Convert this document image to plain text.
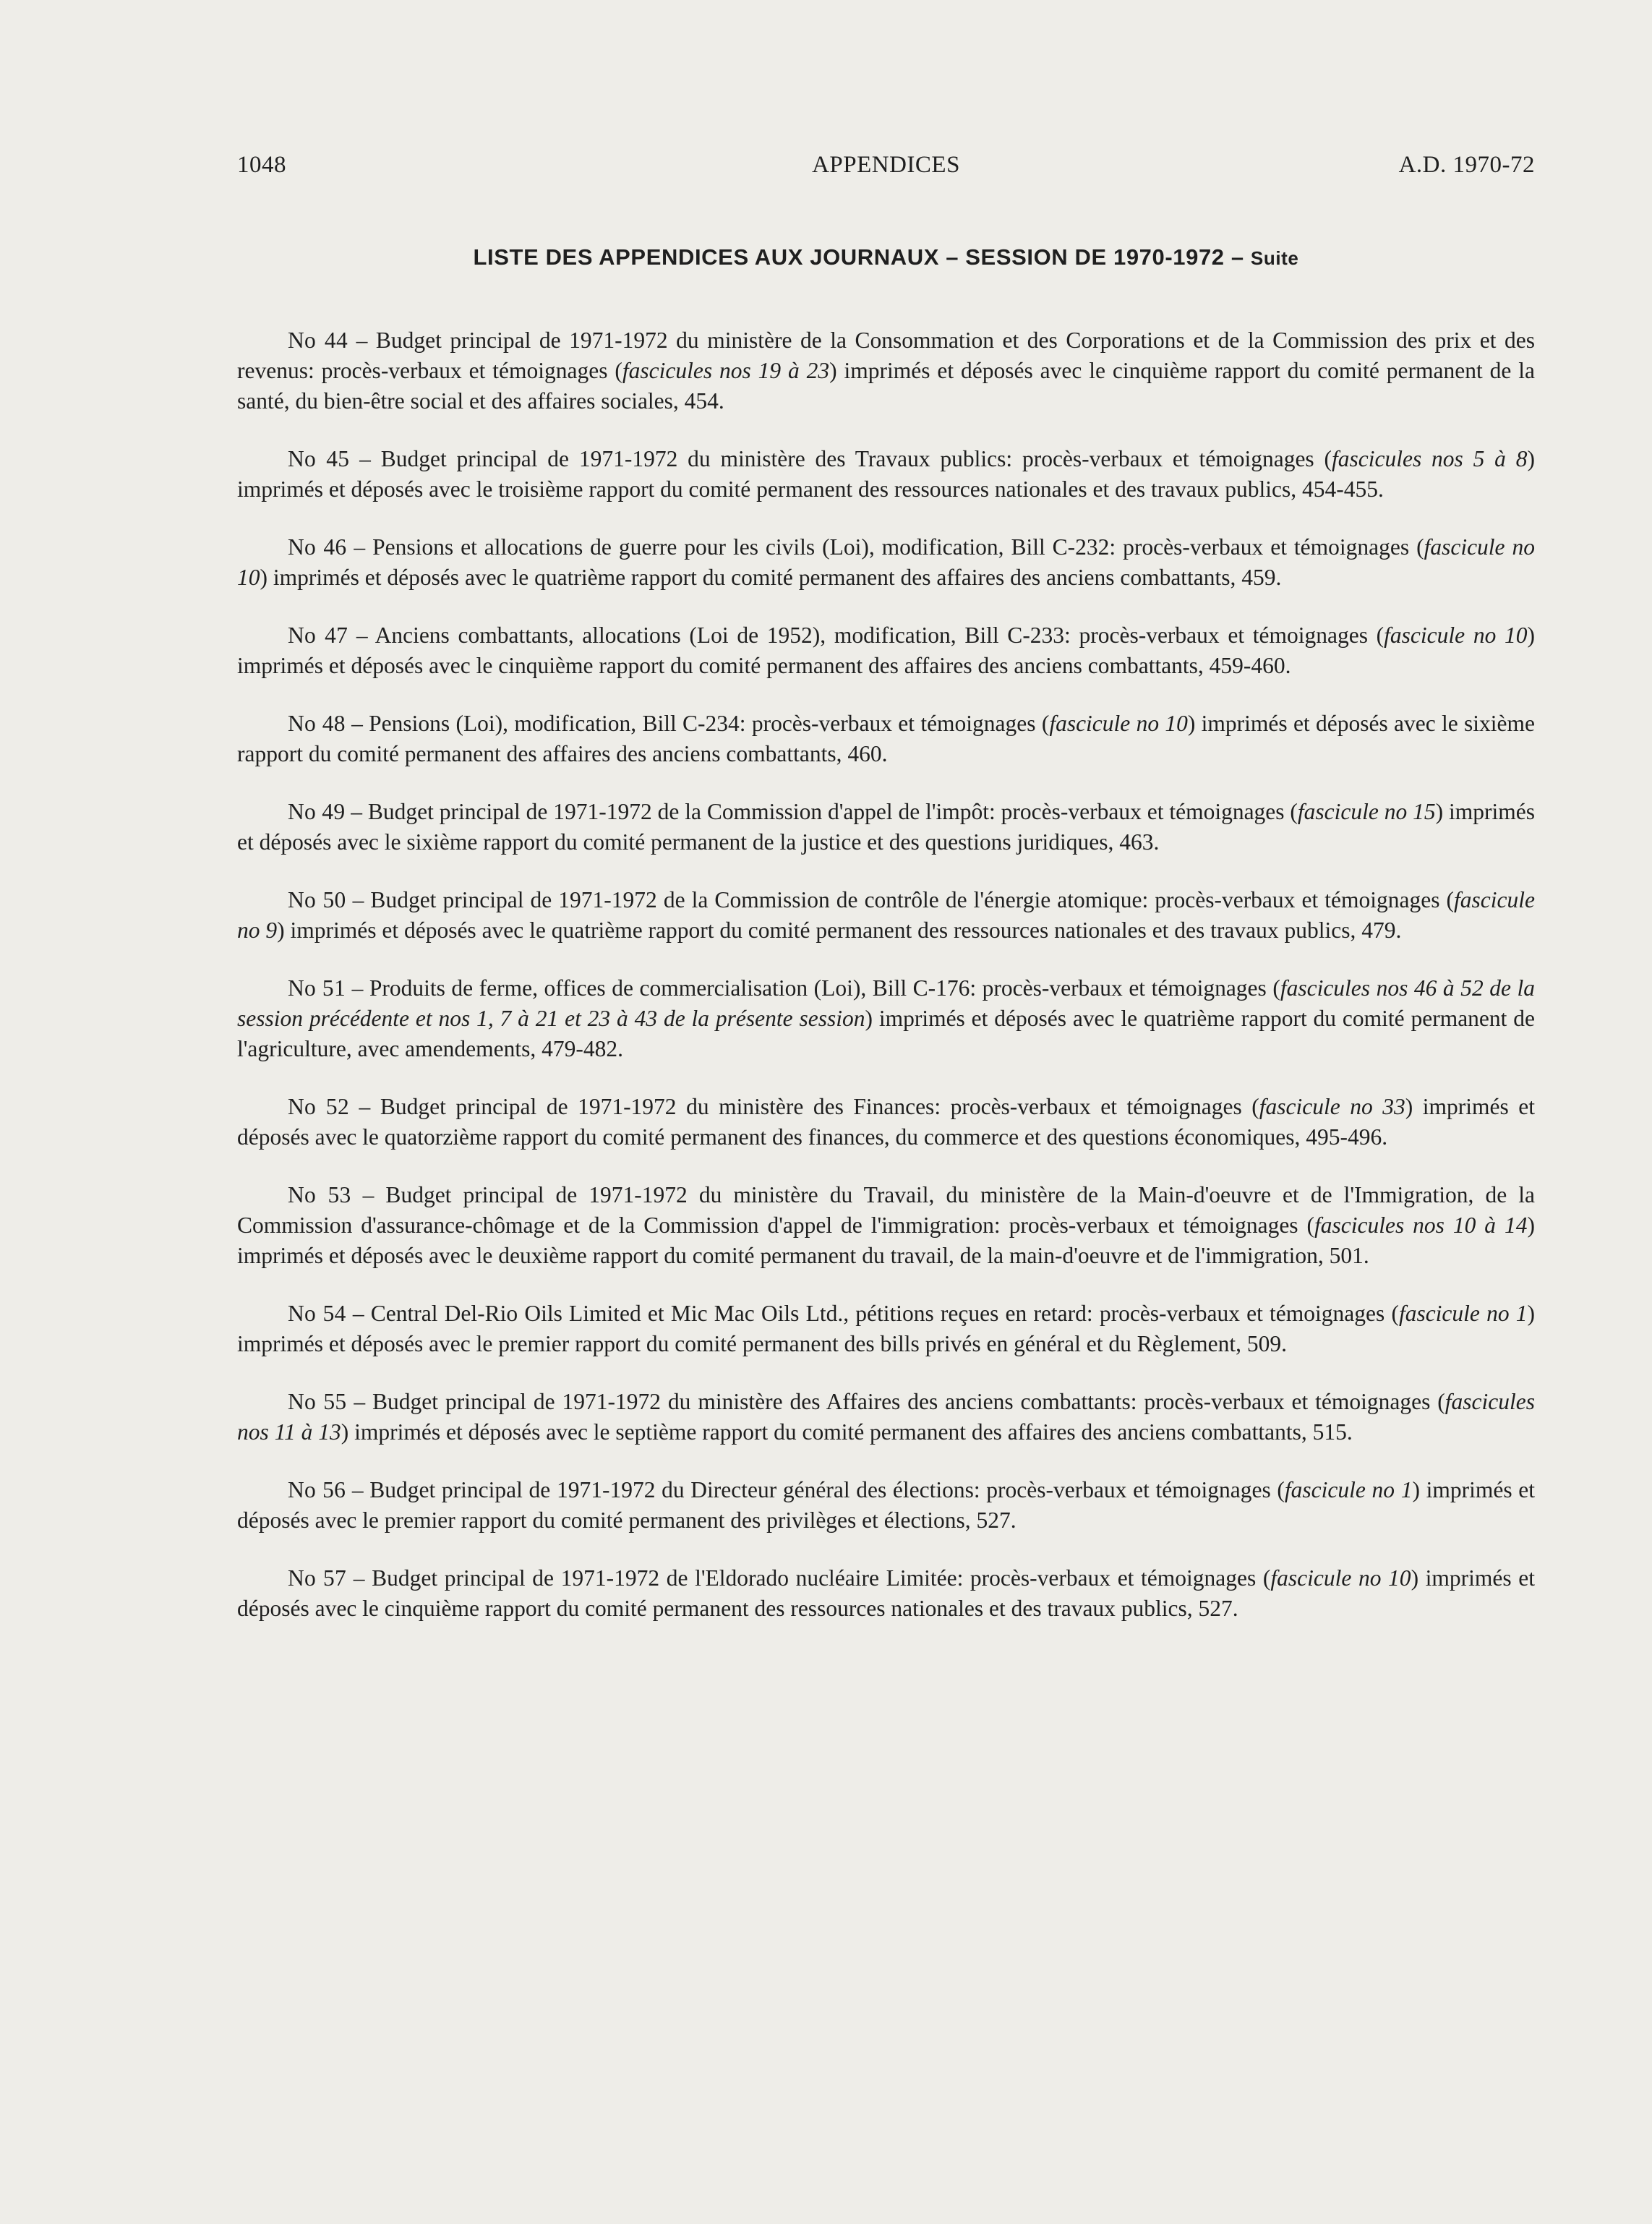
1048	APPENDICES	A.D. 1970-72
LISTE DES APPENDICES AUX JOURNAUX – SESSION DE 1970-1972 – Suite

No 44 – Budget principal de 1971-1972 du ministère de la Consommation et des Corporations et de la Commission des prix et des revenus: procès-verbaux et témoignages (fascicules nos 19 à 23) imprimés et déposés avec le cinquième rapport du comité permanent de la santé, du bien-être social et des affaires sociales, 454.

No 45 – Budget principal de 1971-1972 du ministère des Travaux publics: procès-verbaux et témoignages (fascicules nos 5 à 8) imprimés et déposés avec le troisième rapport du comité permanent des ressources nationales et des travaux publics, 454-455.

No 46 – Pensions et allocations de guerre pour les civils (Loi), modification, Bill C-232: procès-verbaux et témoignages (fascicule no 10) imprimés et déposés avec le quatrième rapport du comité permanent des affaires des anciens combattants, 459.

No 47 – Anciens combattants, allocations (Loi de 1952), modification, Bill C-233: procès-verbaux et témoignages (fascicule no 10) imprimés et déposés avec le cinquième rapport du comité permanent des affaires des anciens combattants, 459-460.

No 48 – Pensions (Loi), modification, Bill C-234: procès-verbaux et témoignages (fascicule no 10) imprimés et déposés avec le sixième rapport du comité permanent des affaires des anciens combattants, 460.

No 49 – Budget principal de 1971-1972 de la Commission d'appel de l'impôt: procès-verbaux et témoignages (fascicule no 15) imprimés et déposés avec le sixième rapport du comité permanent de la justice et des questions juridiques, 463.

No 50 – Budget principal de 1971-1972 de la Commission de contrôle de l'énergie atomique: procès-verbaux et témoignages (fascicule no 9) imprimés et déposés avec le quatrième rapport du comité permanent des ressources nationales et des travaux publics, 479.

No 51 – Produits de ferme, offices de commercialisation (Loi), Bill C-176: procès-verbaux et témoignages (fascicules nos 46 à 52 de la session précédente et nos 1, 7 à 21 et 23 à 43 de la présente session) imprimés et déposés avec le quatrième rapport du comité permanent de l'agriculture, avec amendements, 479-482.

No 52 – Budget principal de 1971-1972 du ministère des Finances: procès-verbaux et témoignages (fascicule no 33) imprimés et déposés avec le quatorzième rapport du comité permanent des finances, du commerce et des questions économiques, 495-496.

No 53 – Budget principal de 1971-1972 du ministère du Travail, du ministère de la Main-d'oeuvre et de l'Immigration, de la Commission d'assurance-chômage et de la Commission d'appel de l'immigration: procès-verbaux et témoignages (fascicules nos 10 à 14) imprimés et déposés avec le deuxième rapport du comité permanent du travail, de la main-d'oeuvre et de l'immigration, 501.

No 54 – Central Del-Rio Oils Limited et Mic Mac Oils Ltd., pétitions reçues en retard: procès-verbaux et témoignages (fascicule no 1) imprimés et déposés avec le premier rapport du comité permanent des bills privés en général et du Règlement, 509.

No 55 – Budget principal de 1971-1972 du ministère des Affaires des anciens combattants: procès-verbaux et témoignages (fascicules nos 11 à 13) imprimés et déposés avec le septième rapport du comité permanent des affaires des anciens combattants, 515.

No 56 – Budget principal de 1971-1972 du Directeur général des élections: procès-verbaux et témoignages (fascicule no 1) imprimés et déposés avec le premier rapport du comité permanent des privilèges et élections, 527.

No 57 – Budget principal de 1971-1972 de l'Eldorado nucléaire Limitée: procès-verbaux et témoignages (fascicule no 10) imprimés et déposés avec le cinquième rapport du comité permanent des ressources nationales et des travaux publics, 527.
